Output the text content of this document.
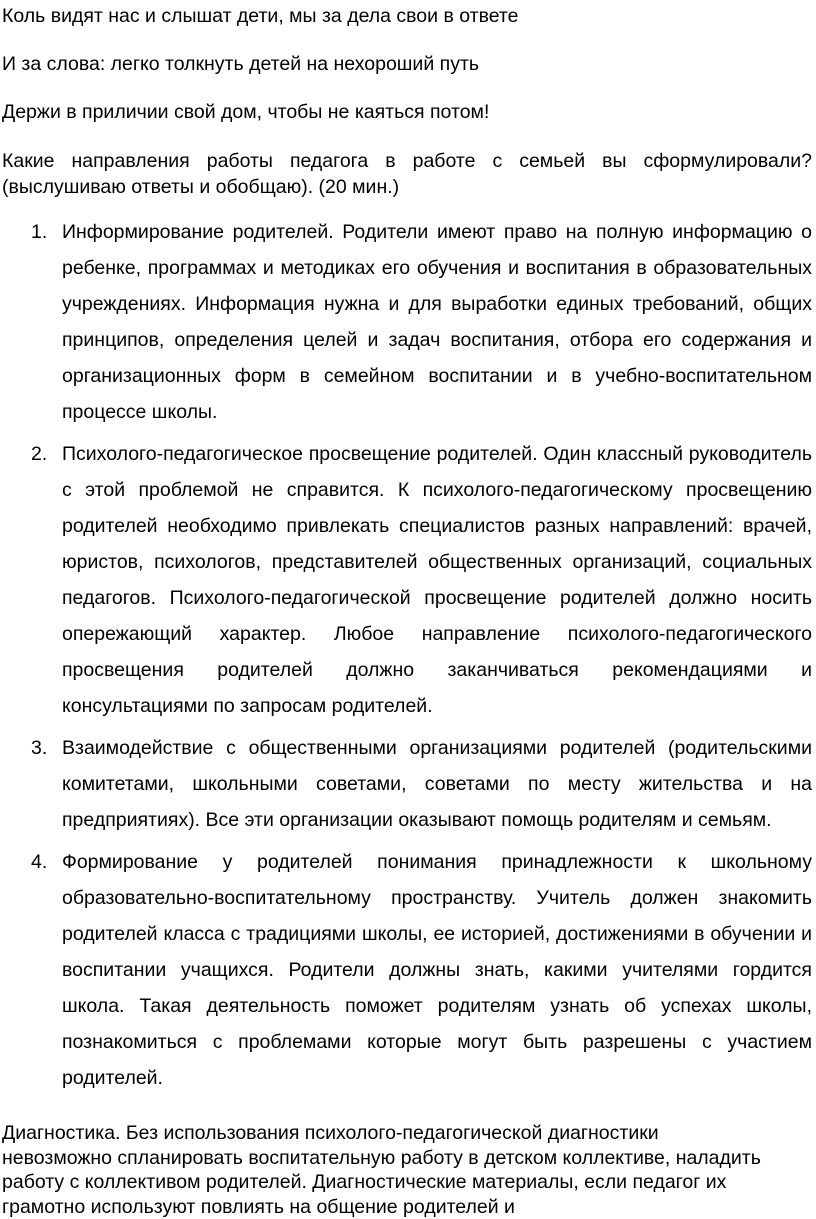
Коль видят нас и слышат дети, мы за дела свои в ответе

И за слова: легко толкнуть детей на нехороший путь

Держи в приличии свой дом, чтобы не каяться потом!

Какие направления работы педагога в работе с семьей вы сформулировали? (выслушиваю ответы и обобщаю). (20 мин.)

1. Информирование родителей. Родители имеют право на полную информацию о ребенке, программах и методиках его обучения и воспитания в образовательных учреждениях. Информация нужна и для выработки единых требований, общих принципов, определения целей и задач воспитания, отбора его содержания и организационных форм в семейном воспитании и в учебно-воспитательном процессе школы.
2. Психолого-педагогическое просвещение родителей. Один классный руководитель с этой проблемой не справится. К психолого-педагогическому просвещению родителей необходимо привлекать специалистов разных направлений: врачей, юристов, психологов, представителей общественных организаций, социальных педагогов. Психолого-педагогической просвещение родителей должно носить опережающий характер. Любое направление психолого-педагогического просвещения родителей должно заканчиваться рекомендациями и консультациями по запросам родителей.
3. Взаимодействие с общественными организациями родителей (родительскими комитетами, школьными советами, советами по месту жительства и на предприятиях). Все эти организации оказывают помощь родителям и семьям.
4. Формирование у родителей понимания принадлежности к школьному образовательно-воспитательному пространству. Учитель должен знакомить родителей класса с традициями школы, ее историей, достижениями в обучении и воспитании учащихся. Родители должны знать, какими учителями гордится школа. Такая деятельность поможет родителям узнать об успехах школы, познакомиться с проблемами которые могут быть разрешены с участием родителей.

Диагностика. Без использования психолого-педагогической диагностики невозможно спланировать воспитательную работу в детском коллективе, наладить работу с коллективом родителей. Диагностические материалы, если педагог их грамотно используют повлиять на общение родителей и
